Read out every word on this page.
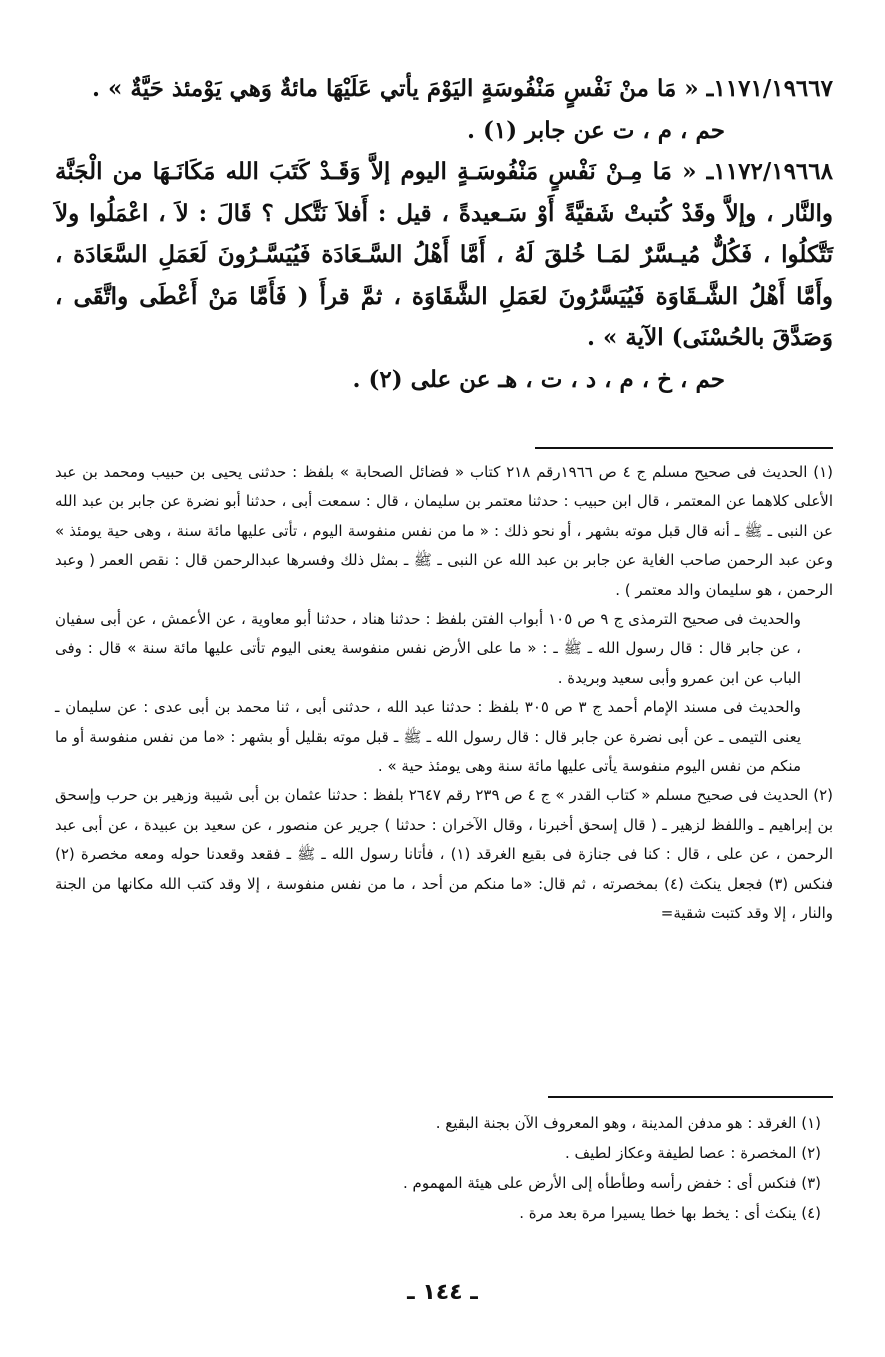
١١٧١/١٩٦٦٧ـ « مَا منْ نَفْسٍ مَنْفُوسَةٍ اليَوْمَ يأتي عَلَيْهَا مائةٌ وَهي يَوْمئذ حَيَّةٌ » .

حم ، م ، ت عن جابر (١) .

١١٧٢/١٩٦٦٨ـ « مَا مِـنْ نَفْسٍ مَنْفُوسَـةٍ اليوم إلاَّ وَقَـدْ كَتَبَ الله مَكَانَـهَا من الْجَنَّة والنَّار ، وإلاَّ وقَدْ كُتبتْ شَقيَّةً أَوْ سَـعيدةً ، قيل : أَفلاَ نَتَّكل ؟ قَالَ : لاَ ، اعْمَلُوا ولاَ تَتَّكلُوا ، فَكُلٌّ مُيـسَّرٌ لمَـا خُلقَ لَهُ ، أَمَّا أَهْلُ السَّـعَادَة فَيُيَسَّـرُونَ لَعَمَلِ السَّعَادَة ، وأَمَّا أَهْلُ الشَّـقَاوَة فَيُيَسَّرُونَ لعَمَلِ الشَّقَاوَة ، ثمَّ قرأَ ( فَأَمَّا مَنْ أَعْطَى واتَّقَى ، وَصَدَّقَ بالحُسْنَى) الآية » .

حم ، خ ، م ، د ، ت ، هـ عن على (٢) .

(١) الحديث فى صحيح مسلم ج ٤ ص ١٩٦٦رقم ٢١٨ كتاب « فضائل الصحابة » بلفظ : حدثنى يحيى بن حبيب ومحمد بن عبد الأعلى كلاهما عن المعتمر ، قال ابن حبيب : حدثنا معتمر بن سليمان ، قال : سمعت أبى ، حدثنا أبو نضرة عن جابر بن عبد الله عن النبى ـ ﷺ ـ أنه قال قبل موته بشهر ، أو نحو ذلك : « ما من نفس منفوسة اليوم ، تأتى عليها مائة سنة ، وهى حية يومئذ » وعن عبد الرحمن صاحب الغاية عن جابر بن عبد الله عن النبى ـ ﷺ ـ بمثل ذلك وفسرها عبدالرحمن قال : نقص العمر ( وعبد الرحمن ، هو سليمان والد معتمر ) .

والحديث فى صحيح الترمذى ج ٩ ص ١٠٥ أبواب الفتن بلفظ : حدثنا هناد ، حدثنا أبو معاوية ، عن الأعمش ، عن أبى سفيان ، عن جابر قال : قال رسول الله ـ ﷺ ـ : « ما على الأرض نفس منفوسة يعنى اليوم تأتى عليها مائة سنة » قال : وفى الباب عن ابن عمرو وأبى سعيد وبريدة .

والحديث فى مسند الإمام أحمد ج ٣ ص ٣٠٥ بلفظ : حدثنا عبد الله ، حدثنى أبى ، ثنا محمد بن أبى عدى : عن سليمان ـ يعنى التيمى ـ عن أبى نضرة عن جابر قال : قال رسول الله ـ ﷺ ـ قبل موته بقليل أو بشهر : «ما من نفس منفوسة أو ما منكم من نفس اليوم منفوسة يأتى عليها مائة سنة وهى يومئذ حية » .

(٢) الحديث فى صحيح مسلم « كتاب القدر » ج ٤ ص ٢٣٩ رقم ٢٦٤٧ بلفظ : حدثنا عثمان بن أبى شيبة وزهير بن حرب وإسحق بن إبراهيم ـ واللفظ لزهير ـ ( قال إسحق أخبرنا ، وقال الآخران : حدثنا ) جرير عن منصور ، عن سعيد بن عبيدة ، عن أبى عبد الرحمن ، عن على ، قال : كنا فى جنازة فى بقيع الغرقد (١) ، فأتانا رسول الله ـ ﷺ ـ فقعد وقعدنا حوله ومعه مخصرة (٢) فنكس (٣) فجعل ينكث (٤) بمخصرته ، ثم قال: «ما منكم من أحد ، ما من نفس منفوسة ، إلا وقد كتب الله مكانها من الجنة والنار ، إلا وقد كتبت شقية=

(١) الغرقد : هو مدفن المدينة ، وهو المعروف الآن بجنة البقيع .

(٢) المخصرة : عصا لطيفة وعكاز لطيف .

(٣) فنكس أى : خفض رأسه وطأطأه إلى الأرض على هيئة المهموم .

(٤) ينكث أى : يخط بها خطا يسيرا مرة بعد مرة .

ـ ١٤٤ ـ
